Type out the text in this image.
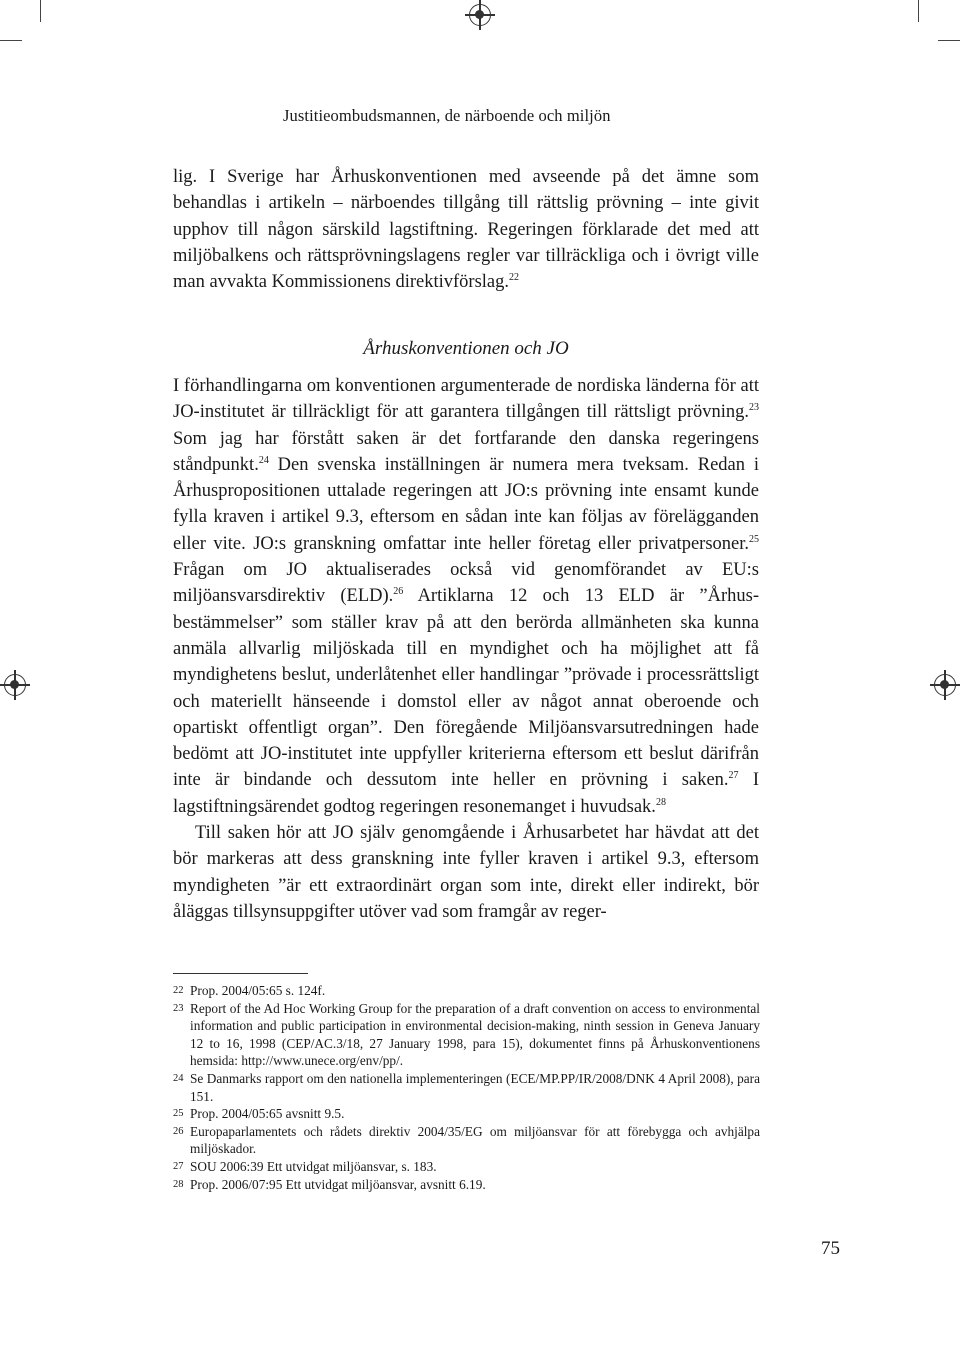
Justitieombudsmannen, de närboende och miljön

lig. I Sverige har Århuskonventionen med avseende på det ämne som behandlas i artikeln – närboendes tillgång till rättslig prövning – inte givit upphov till någon särskild lagstiftning. Regeringen förklarade det med att miljöbalkens och rättsprövningslagens regler var tillräckliga och i övrigt ville man avvakta Kommissionens direktivförslag.$^{22}$

Århuskonventionen och JO

I förhandlingarna om konventionen argumenterade de nordiska länderna för att JO-institutet är tillräckligt för att garantera tillgången till rättsligt prövning.$^{23}$ Som jag har förstått saken är det fortfarande den danska regeringens ståndpunkt.$^{24}$ Den svenska inställningen är numera mera tveksam. Redan i Århuspropositionen uttalade regeringen att JO:s prövning inte ensamt kunde fylla kraven i artikel 9.3, eftersom en sådan inte kan följas av förelägganden eller vite. JO:s granskning omfattar inte heller företag eller privatpersoner.$^{25}$ Frågan om JO aktualiserades också vid genomförandet av EU:s miljöansvarsdirektiv (ELD).$^{26}$ Artiklarna 12 och 13 ELD är ”Århus-bestämmelser” som ställer krav på att den berörda allmänheten ska kunna anmäla allvarlig miljöskada till en myndighet och ha möjlighet att få myndighetens beslut, underlåtenhet eller handlingar ”prövade i processrättsligt och materiellt hänseende i domstol eller av något annat oberoende och opartiskt offentligt organ”. Den föregående Miljöansvarsutredningen hade bedömt att JO-institutet inte uppfyller kriterierna eftersom ett beslut därifrån inte är bindande och dessutom inte heller en prövning i saken.$^{27}$ I lagstiftningsärendet godtog regeringen resonemanget i huvudsak.$^{28}$

Till saken hör att JO själv genomgående i Århusarbetet har hävdat att det bör markeras att dess granskning inte fyller kraven i artikel 9.3, eftersom myndigheten ”är ett extraordinärt organ som inte, direkt eller indirekt, bör åläggas tillsynsuppgifter utöver vad som framgår av reger-

22 Prop. 2004/05:65 s. 124f.
23 Report of the Ad Hoc Working Group for the preparation of a draft convention on access to environmental information and public participation in environmental decision-making, ninth session in Geneva January 12 to 16, 1998 (CEP/AC.3/18, 27 January 1998, para 15), dokumentet finns på Århuskonventionens hemsida: http://www.unece.org/env/pp/.
24 Se Danmarks rapport om den nationella implementeringen (ECE/MP.PP/IR/2008/DNK 4 April 2008), para 151.
25 Prop. 2004/05:65 avsnitt 9.5.
26 Europaparlamentets och rådets direktiv 2004/35/EG om miljöansvar för att förebygga och avhjälpa miljöskador.
27 SOU 2006:39 Ett utvidgat miljöansvar, s. 183.
28 Prop. 2006/07:95 Ett utvidgat miljöansvar, avsnitt 6.19.
75
